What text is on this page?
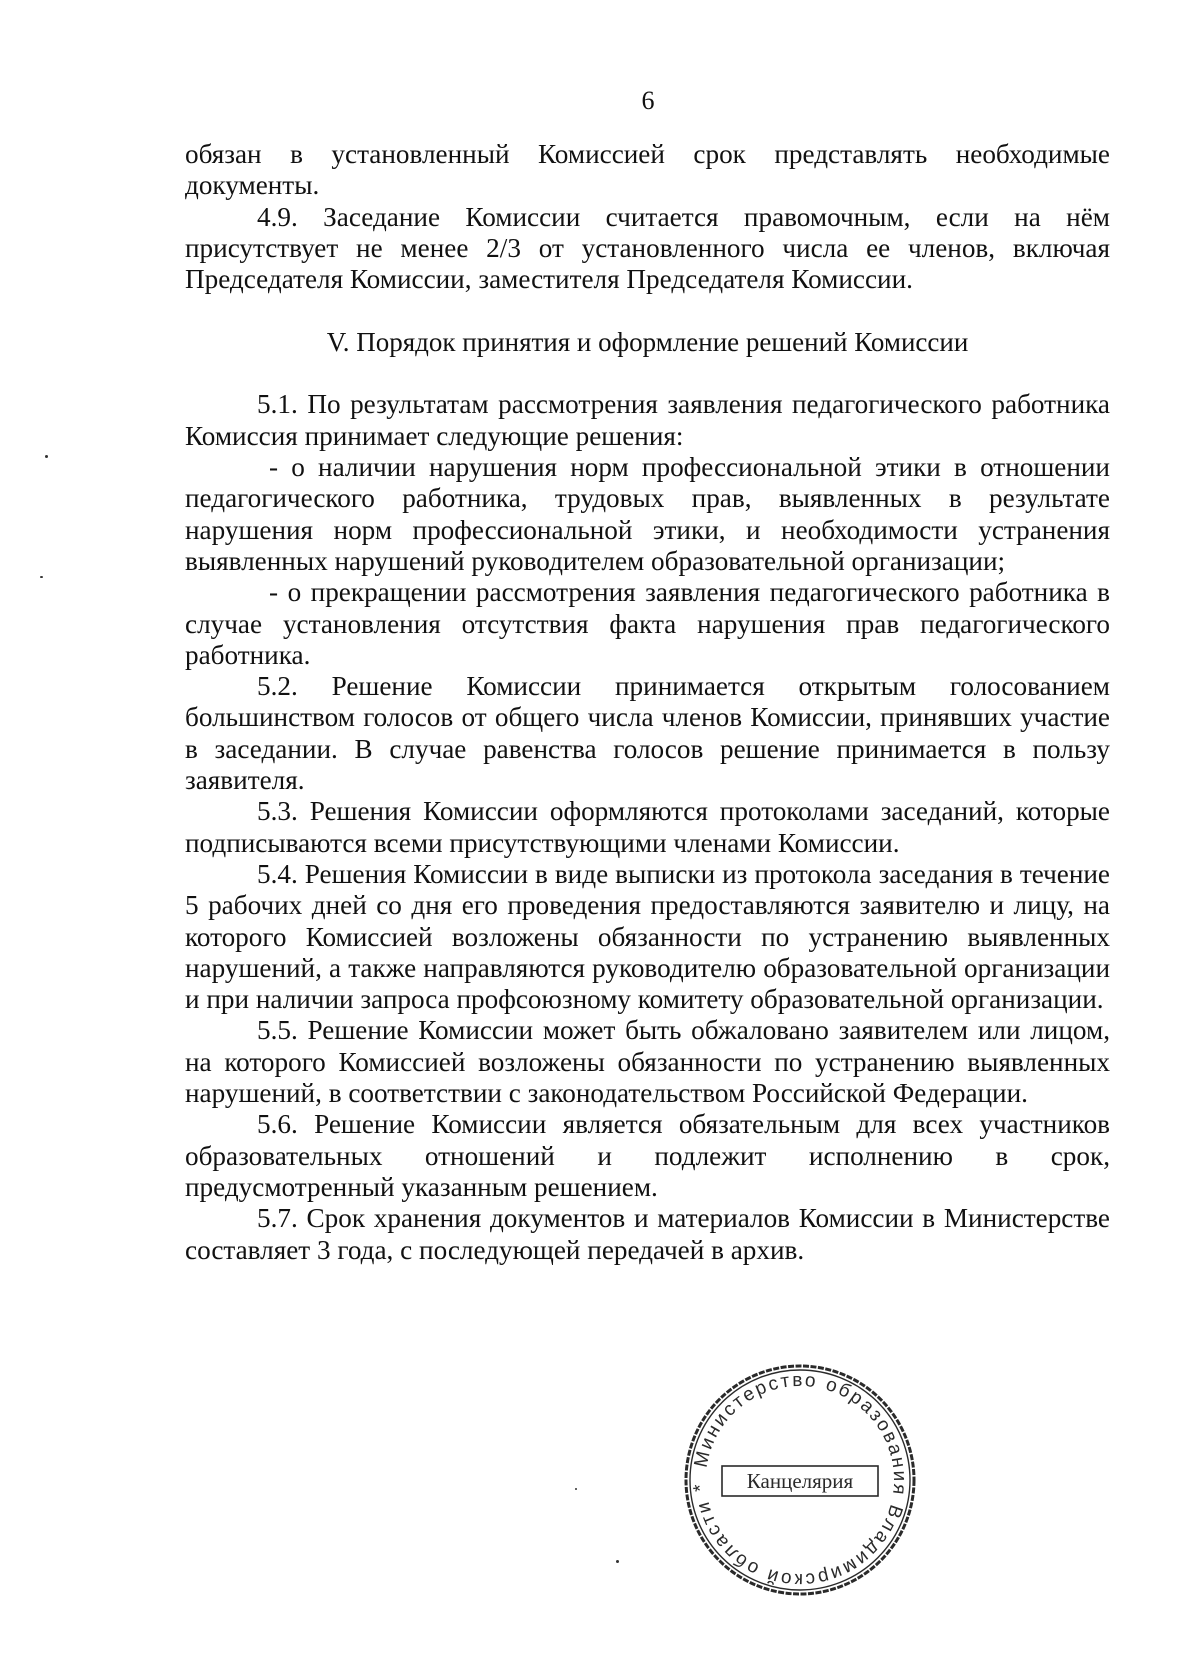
6

обязан в установленный Комиссией срок представлять необходимые документы.

4.9. Заседание Комиссии считается правомочным, если на нём присутствует не менее 2/3 от установленного числа ее членов, включая Председателя Комиссии, заместителя Председателя Комиссии.

V. Порядок принятия и оформление решений Комиссии

5.1. По результатам рассмотрения заявления педагогического работника Комиссия принимает следующие решения:

- о наличии нарушения норм профессиональной этики в отношении педагогического работника, трудовых прав, выявленных в результате нарушения норм профессиональной этики, и необходимости устранения выявленных нарушений руководителем образовательной организации;

- о прекращении рассмотрения заявления педагогического работника в случае установления отсутствия факта нарушения прав педагогического работника.

5.2. Решение Комиссии принимается открытым голосованием большинством голосов от общего числа членов Комиссии, принявших участие в заседании. В случае равенства голосов решение принимается в пользу заявителя.

5.3. Решения Комиссии оформляются протоколами заседаний, которые подписываются всеми присутствующими членами Комиссии.

5.4. Решения Комиссии в виде выписки из протокола заседания в течение 5 рабочих дней со дня его проведения предоставляются заявителю и лицу, на которого Комиссией возложены обязанности по устранению выявленных нарушений, а также направляются руководителю образовательной организации и при наличии запроса профсоюзному комитету образовательной организации.

5.5. Решение Комиссии может быть обжаловано заявителем или лицом, на которого Комиссией возложены обязанности по устранению выявленных нарушений, в соответствии с законодательством Российской Федерации.

5.6. Решение Комиссии является обязательным для всех участников образовательных отношений и подлежит исполнению в срок, предусмотренный указанным решением.

5.7. Срок хранения документов и материалов Комиссии в Министерстве составляет 3 года, с последующей передачей в архив.

Министерство образования Владимирской области *	Канцелярия
